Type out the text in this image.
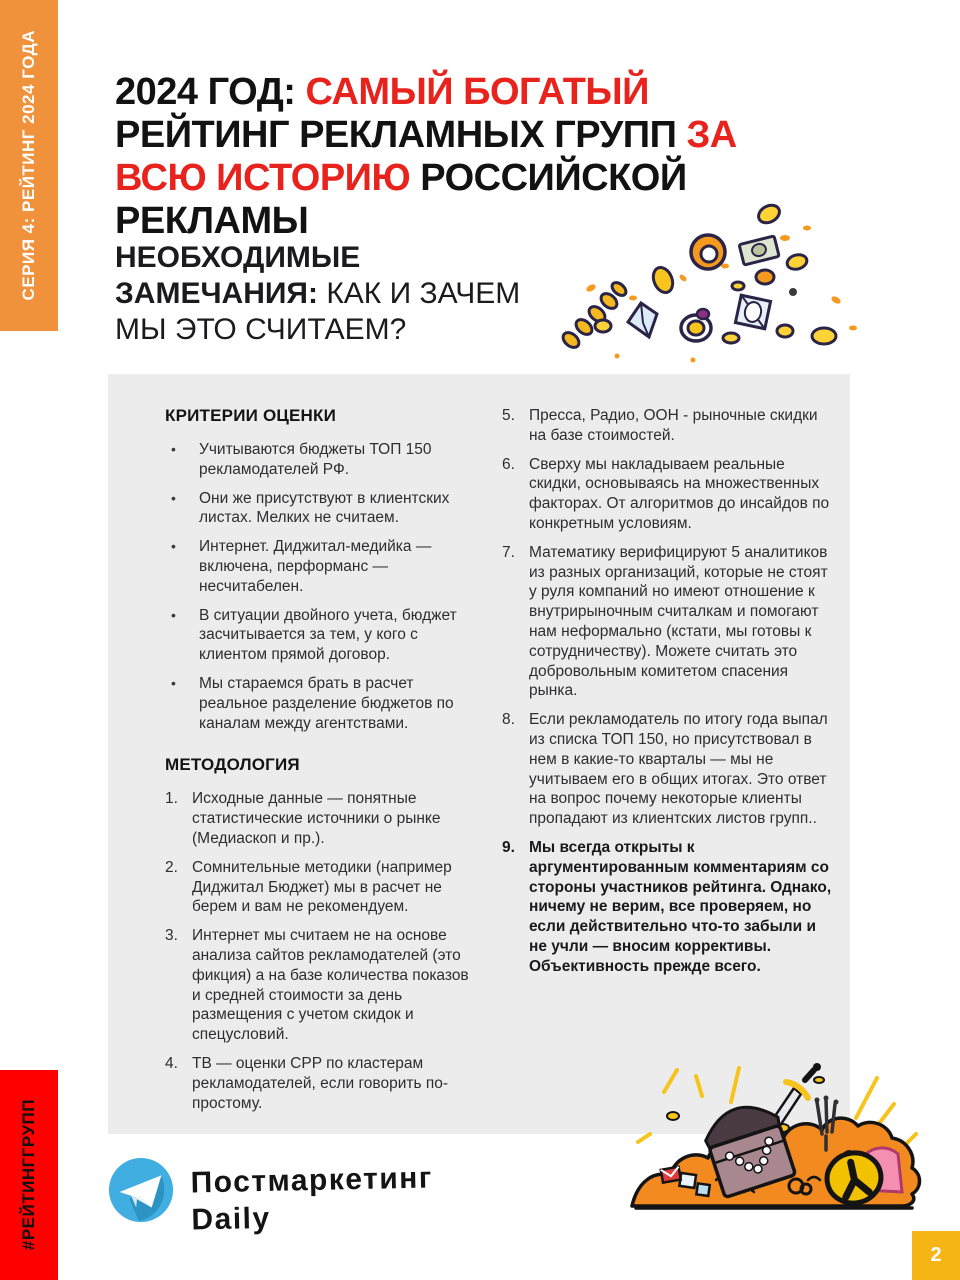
СЕРИЯ 4: РЕЙТИНГ 2024 ГОДА
#РЕЙТИНГГРУПП
2024 ГОД: САМЫЙ БОГАТЫЙ
РЕЙТИНГ РЕКЛАМНЫХ ГРУПП ЗА
ВСЮ ИСТОРИЮ РОССИЙСКОЙ
РЕКЛАМЫ
НЕОБХОДИМЫЕ
ЗАМЕЧАНИЯ: КАК И ЗАЧЕМ
МЫ ЭТО СЧИТАЕМ?
КРИТЕРИИ ОЦЕНКИ
•	Учитываются бюджеты ТОП 150 рекламодателей РФ.
•	Они же присутствуют в клиентских листах. Мелких не считаем.
•	Интернет. Диджитал-медийка — включена, перформанс — несчитабелен.
•	В ситуации двойного учета, бюджет засчитывается за тем, у кого с клиентом прямой договор.
•	Мы стараемся брать в расчет реальное разделение бюджетов по каналам между агентствами.
МЕТОДОЛОГИЯ
1. Исходные данные — понятные статистические источники о рынке (Медиаскоп и пр.).
2. Сомнительные методики (например Диджитал Бюджет) мы в расчет не берем и вам не рекомендуем.
3. Интернет мы считаем не на основе анализа сайтов рекламодателей (это фикция) а на базе количества показов и средней стоимости за день размещения с учетом скидок и спецусловий.
4. ТВ — оценки CPP по кластерам рекламодателей, если говорить по-простому.
5. Пресса, Радио, ООН - рыночные скидки на базе стоимостей.
6. Сверху мы накладываем реальные скидки, основываясь на множественных факторах. От алгоритмов до инсайдов по конкретным условиям.
7. Математику верифицируют 5 аналитиков из разных организаций, которые не стоят у руля компаний но имеют отношение к внутрирыночным считалкам и помогают нам неформально (кстати, мы готовы к сотрудничеству). Можете считать это добровольным комитетом спасения рынка.
8. Если рекламодатель по итогу года выпал из списка ТОП 150, но присутствовал в нем в какие-то кварталы — мы не учитываем его в общих итогах. Это ответ на вопрос почему некоторые клиенты пропадают из клиентских листов групп..
9. Мы всегда открыты к аргументированным комментариям со стороны участников рейтинга. Однако, ничему не верим, все проверяем, но если действительно что-то забыли и не учли — вносим коррективы. Объективность прежде всего.
Постмаркетинг
Daily
2
